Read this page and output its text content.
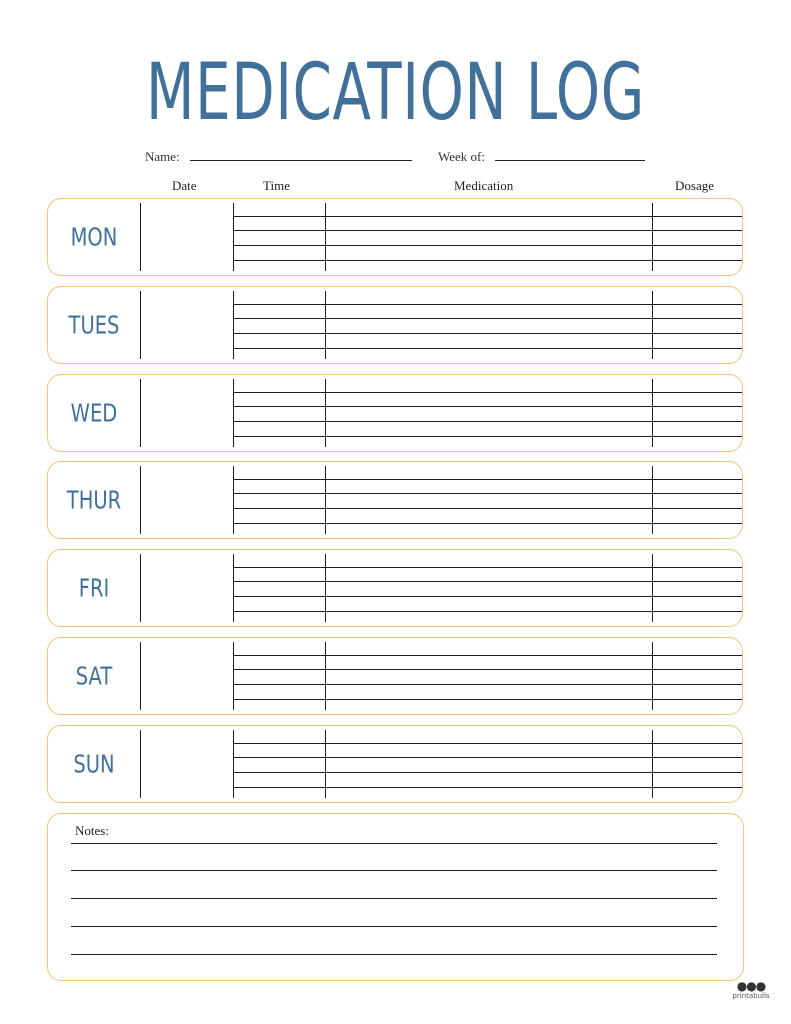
MEDICATION LOG
Name:	Week of:
Date	Time	Medication	Dosage
MON
TUES
WED
THUR
FRI
SAT
SUN
Notes:
●●●
printabulls
